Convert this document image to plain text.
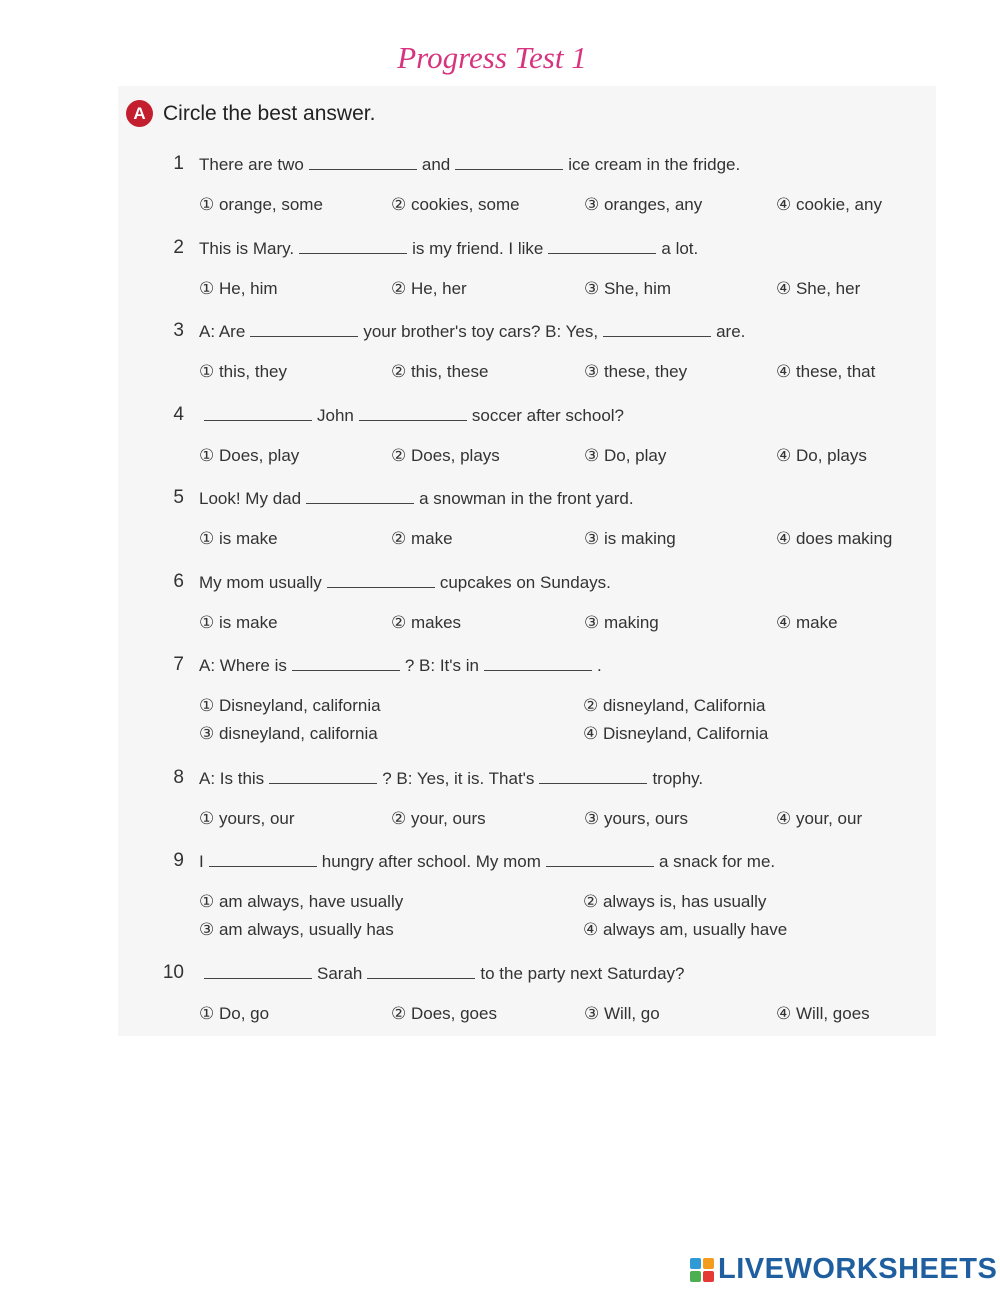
Progress Test 1
A Circle the best answer.
1 There are two	and	ice cream in the fridge.
① orange, some	② cookies, some	③ oranges, any	④ cookie, any
2 This is Mary.	is my friend. I like	a lot.
① He, him	② He, her	③ She, him	④ She, her
3 A: Are	your brother's toy cars? B: Yes,	are.
① this, they	② this, these	③ these, they	④ these, that
4	John	soccer after school?
① Does, play	② Does, plays	③ Do, play	④ Do, plays
5 Look! My dad	a snowman in the front yard.
① is make	② make	③ is making	④ does making
6 My mom usually	cupcakes on Sundays.
① is make	② makes	③ making	④ make
7 A: Where is	? B: It's in	.
① Disneyland, california	② disneyland, California
③ disneyland, california	④ Disneyland, California
8 A: Is this	? B: Yes, it is. That's	trophy.
① yours, our	② your, ours	③ yours, ours	④ your, our
9 I	hungry after school. My mom	a snack for me.
① am always, have usually	② always is, has usually
③ am always, usually has	④ always am, usually have
10	Sarah	to the party next Saturday?
① Do, go	② Does, goes	③ Will, go	④ Will, goes
LIVEWORKSHEETS
